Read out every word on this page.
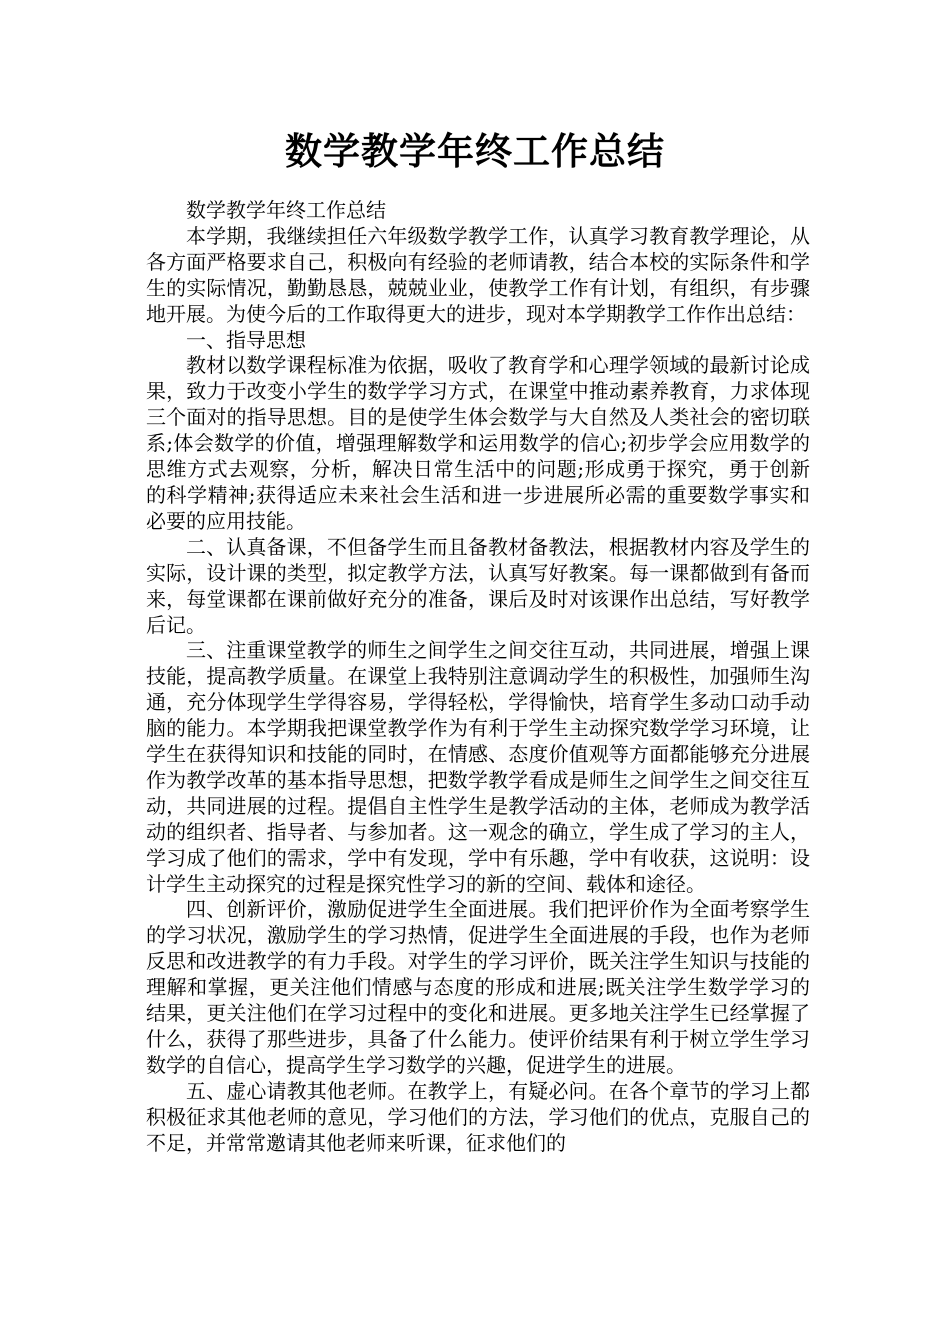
数学教学年终工作总结

数学教学年终工作总结

本学期，我继续担任六年级数学教学工作，认真学习教育教学理论，从各方面严格要求自己，积极向有经验的老师请教，结合本校的实际条件和学生的实际情况，勤勤恳恳，兢兢业业，使教学工作有计划，有组织，有步骤地开展。为使今后的工作取得更大的进步，现对本学期教学工作作出总结：

一、指导思想

教材以数学课程标准为依据，吸收了教育学和心理学领域的最新讨论成果，致力于改变小学生的数学学习方式，在课堂中推动素养教育，力求体现三个面对的指导思想。目的是使学生体会数学与大自然及人类社会的密切联系;体会数学的价值，增强理解数学和运用数学的信心;初步学会应用数学的思维方式去观察，分析，解决日常生活中的问题;形成勇于探究，勇于创新的科学精神;获得适应未来社会生活和进一步进展所必需的重要数学事实和必要的应用技能。

二、认真备课，不但备学生而且备教材备教法，根据教材内容及学生的实际，设计课的类型，拟定教学方法，认真写好教案。每一课都做到有备而来，每堂课都在课前做好充分的准备，课后及时对该课作出总结，写好教学后记。

三、注重课堂教学的师生之间学生之间交往互动，共同进展，增强上课技能，提高教学质量。在课堂上我特别注意调动学生的积极性，加强师生沟通，充分体现学生学得容易，学得轻松，学得愉快，培育学生多动口动手动脑的能力。本学期我把课堂教学作为有利于学生主动探究数学学习环境，让学生在获得知识和技能的同时，在情感、态度价值观等方面都能够充分进展作为教学改革的基本指导思想，把数学教学看成是师生之间学生之间交往互动，共同进展的过程。提倡自主性学生是教学活动的主体，老师成为教学活动的组织者、指导者、与参加者。这一观念的确立，学生成了学习的主人，学习成了他们的需求，学中有发现，学中有乐趣，学中有收获，这说明：设计学生主动探究的过程是探究性学习的新的空间、载体和途径。

四、创新评价，激励促进学生全面进展。我们把评价作为全面考察学生的学习状况，激励学生的学习热情，促进学生全面进展的手段，也作为老师反思和改进教学的有力手段。对学生的学习评价，既关注学生知识与技能的理解和掌握，更关注他们情感与态度的形成和进展;既关注学生数学学习的结果，更关注他们在学习过程中的变化和进展。更多地关注学生已经掌握了什么，获得了那些进步，具备了什么能力。使评价结果有利于树立学生学习数学的自信心，提高学生学习数学的兴趣，促进学生的进展。

五、虚心请教其他老师。在教学上，有疑必问。在各个章节的学习上都积极征求其他老师的意见，学习他们的方法，学习他们的优点，克服自己的不足，并常常邀请其他老师来听课，征求他们的
